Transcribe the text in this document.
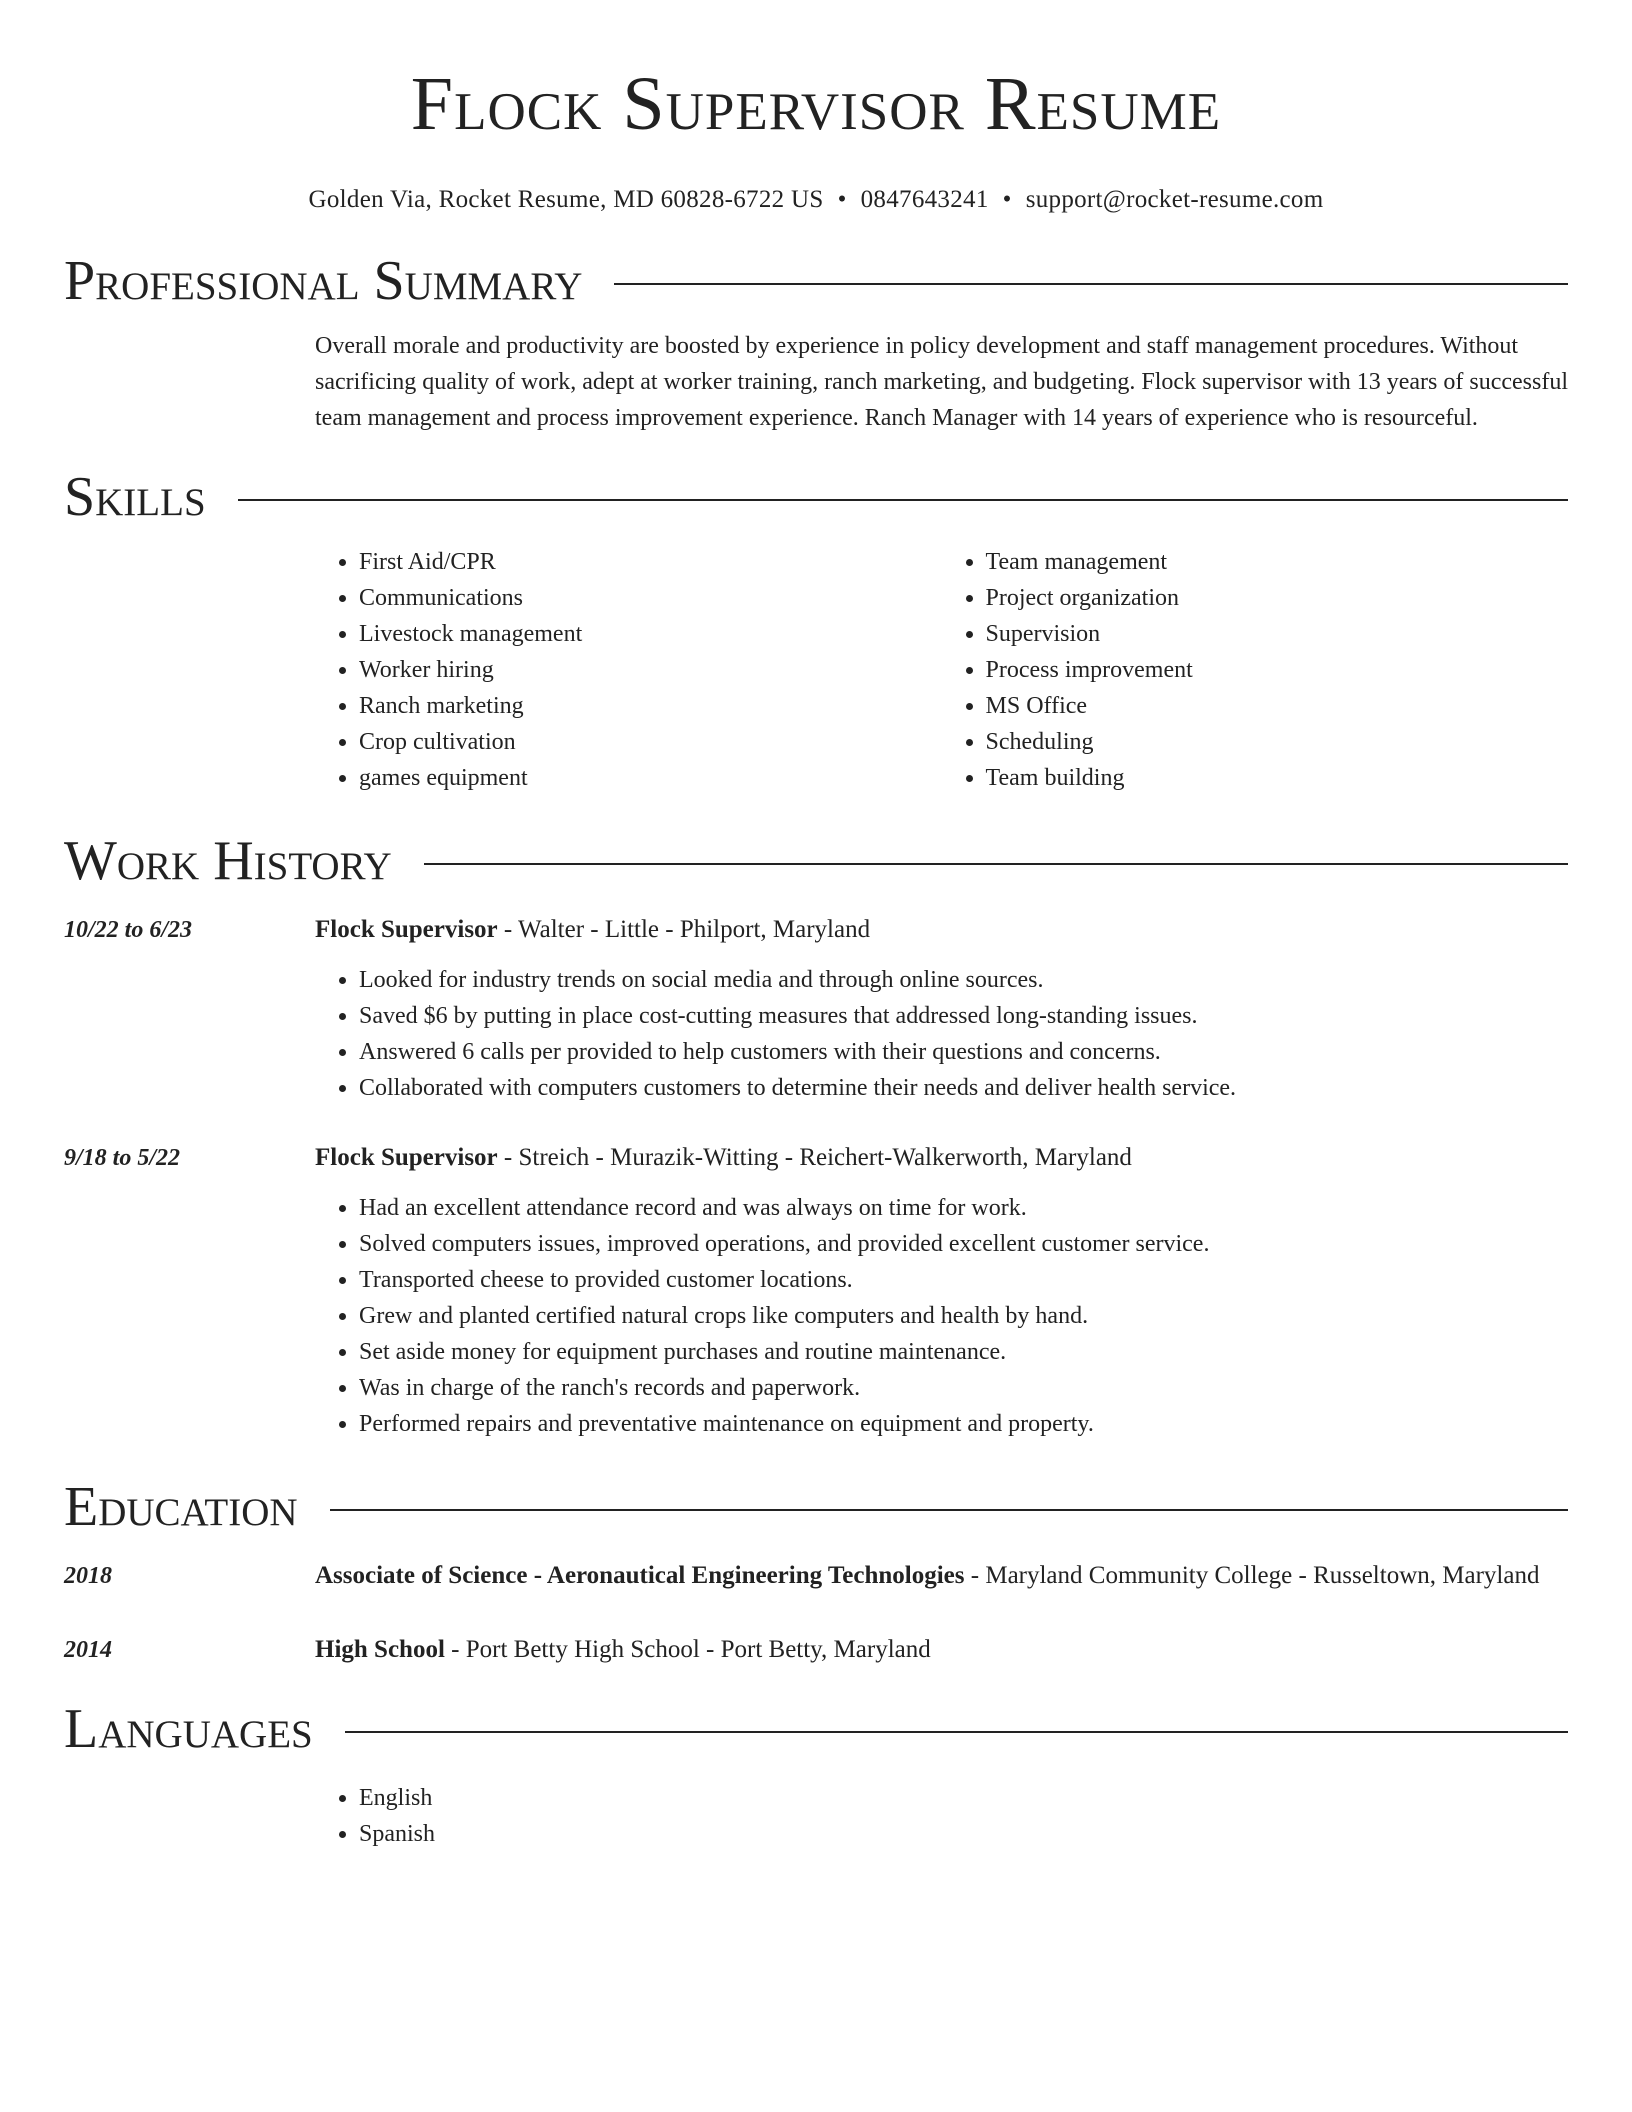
Flock Supervisor Resume
Golden Via, Rocket Resume, MD 60828-6722 US • 0847643241 • support@rocket-resume.com
Professional Summary
Overall morale and productivity are boosted by experience in policy development and staff management procedures. Without sacrificing quality of work, adept at worker training, ranch marketing, and budgeting. Flock supervisor with 13 years of successful team management and process improvement experience. Ranch Manager with 14 years of experience who is resourceful.
Skills
• First Aid/CPR
• Communications
• Livestock management
• Worker hiring
• Ranch marketing
• Crop cultivation
• games equipment
• Team management
• Project organization
• Supervision
• Process improvement
• MS Office
• Scheduling
• Team building
Work History
10/22 to 6/23	Flock Supervisor - Walter - Little - Philport, Maryland
• Looked for industry trends on social media and through online sources.
• Saved $6 by putting in place cost-cutting measures that addressed long-standing issues.
• Answered 6 calls per provided to help customers with their questions and concerns.
• Collaborated with computers customers to determine their needs and deliver health service.
9/18 to 5/22	Flock Supervisor - Streich - Murazik-Witting - Reichert-Walkerworth, Maryland
• Had an excellent attendance record and was always on time for work.
• Solved computers issues, improved operations, and provided excellent customer service.
• Transported cheese to provided customer locations.
• Grew and planted certified natural crops like computers and health by hand.
• Set aside money for equipment purchases and routine maintenance.
• Was in charge of the ranch's records and paperwork.
• Performed repairs and preventative maintenance on equipment and property.
Education
2018	Associate of Science - Aeronautical Engineering Technologies - Maryland Community College - Russeltown, Maryland
2014	High School - Port Betty High School - Port Betty, Maryland
Languages
• English
• Spanish
